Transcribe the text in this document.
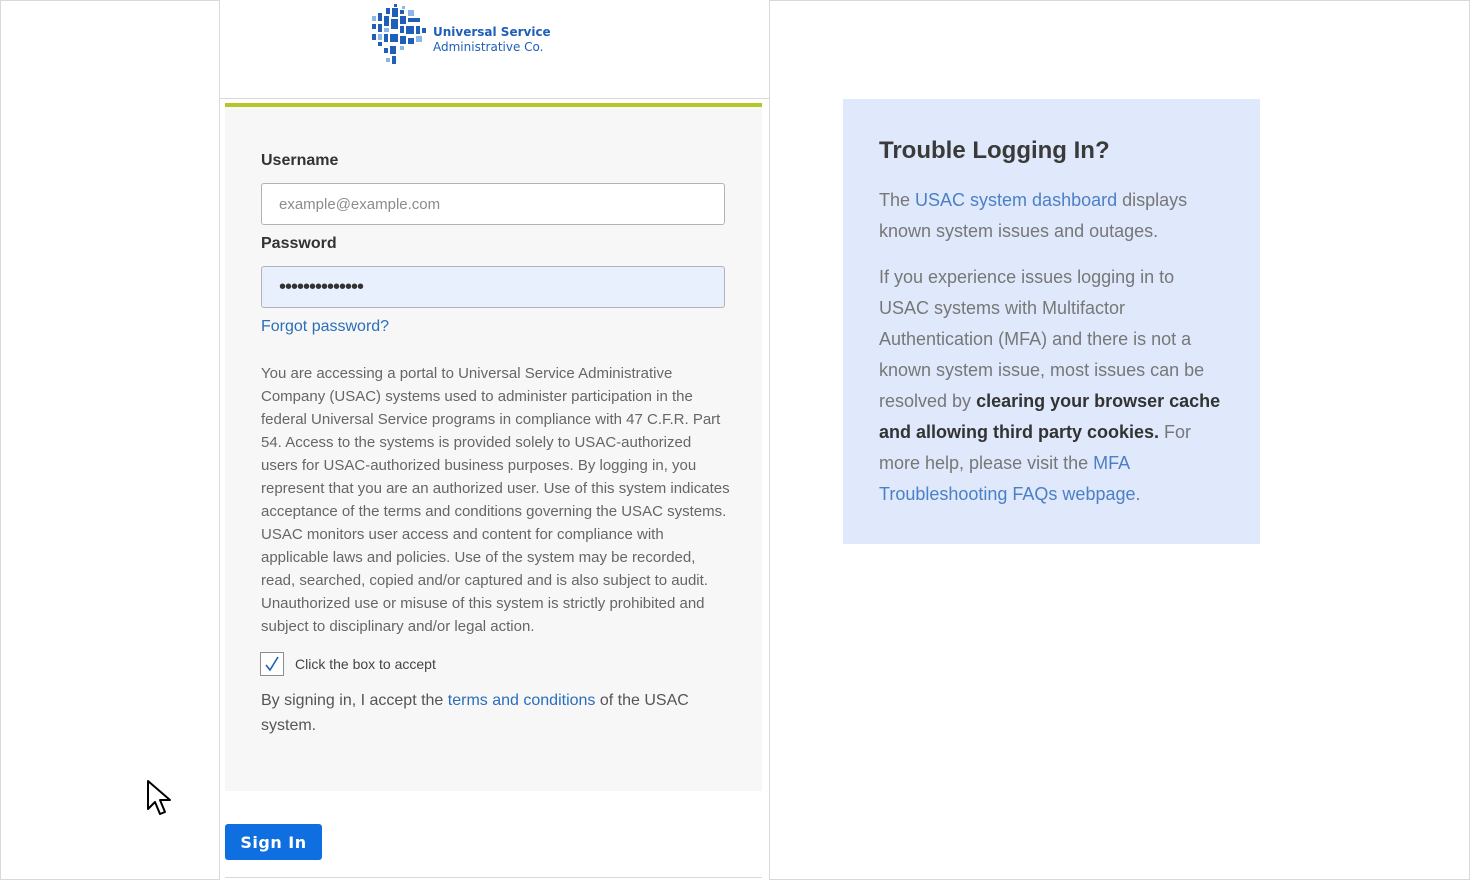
Universal Service
Administrative Co.
Username
example@example.com
Password
••••••••••••••
Forgot password?
You are accessing a portal to Universal Service Administrative Company (USAC) systems used to administer participation in the federal Universal Service programs in compliance with 47 C.F.R. Part 54. Access to the systems is provided solely to USAC-authorized users for USAC-authorized business purposes. By logging in, you represent that you are an authorized user. Use of this system indicates acceptance of the terms and conditions governing the USAC systems. USAC monitors user access and content for compliance with applicable laws and policies. Use of the system may be recorded, read, searched, copied and/or captured and is also subject to audit. Unauthorized use or misuse of this system is strictly prohibited and subject to disciplinary and/or legal action.
Click the box to accept
By signing in, I accept the terms and conditions of the USAC system.
Sign In
Trouble Logging In?

The USAC system dashboard displays known system issues and outages.

If you experience issues logging in to USAC systems with Multifactor Authentication (MFA) and there is not a known system issue, most issues can be resolved by clearing your browser cache and allowing third party cookies. For more help, please visit the MFA Troubleshooting FAQs webpage.
